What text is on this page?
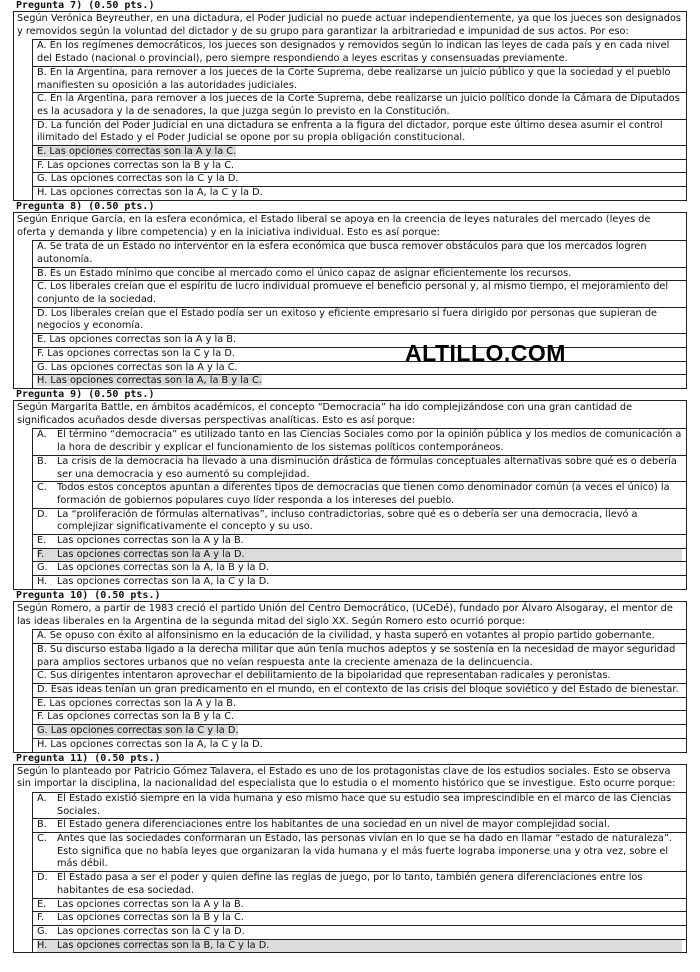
Pregunta 7) (0.50 pts.)
Según Verónica Beyreuther, en una dictadura, el Poder Judicial no puede actuar independientemente, ya que los jueces son designados y removidos según la voluntad del dictador y de su grupo para garantizar la arbitrariedad e impunidad de sus actos. Por eso:
A. En los regímenes democráticos, los jueces son designados y removidos según lo indican las leyes de cada país y en cada nivel del Estado (nacional o provincial), pero siempre respondiendo a leyes escritas y consensuadas previamente.
B. En la Argentina, para remover a los jueces de la Corte Suprema, debe realizarse un juicio público y que la sociedad y el pueblo manifiesten su oposición a las autoridades judiciales.
C. En la Argentina, para remover a los jueces de la Corte Suprema, debe realizarse un juicio político donde la Cámara de Diputados es la acusadora y la de senadores, la que juzga según lo previsto en la Constitución.
D. La función del Poder Judicial en una dictadura se enfrenta a la figura del dictador, porque este último desea asumir el control ilimitado del Estado y el Poder Judicial se opone por su propia obligación constitucional.
E. Las opciones correctas son la A y la C.
F. Las opciones correctas son la B y la C.
G. Las opciones correctas son la C y la D.
H. Las opciones correctas son la A, la C y la D.
Pregunta 8) (0.50 pts.)
Según Enrique García, en la esfera económica, el Estado liberal se apoya en la creencia de leyes naturales del mercado (leyes de oferta y demanda y libre competencia) y en la iniciativa individual. Esto es así porque:
A. Se trata de un Estado no interventor en la esfera económica que busca remover obstáculos para que los mercados logren autonomía.
B. Es un Estado mínimo que concibe al mercado como el único capaz de asignar eficientemente los recursos.
C. Los liberales creían que el espíritu de lucro individual promueve el beneficio personal y, al mismo tiempo, el mejoramiento del conjunto de la sociedad.
D. Los liberales creían que el Estado podía ser un exitoso y eficiente empresario si fuera dirigido por personas que supieran de negocios y economía.
E. Las opciones correctas son la A y la B.
F. Las opciones correctas son la C y la D.
G. Las opciones correctas son la A y la C.
H. Las opciones correctas son la A, la B y la C.
Pregunta 9) (0.50 pts.)
Según Margarita Battle, en ámbitos académicos, el concepto “Democracia” ha ido complejizándose con una gran cantidad de significados acuñados desde diversas perspectivas analíticas. Esto es así porque:
A.	El término “democracia” es utilizado tanto en las Ciencias Sociales como por la opinión pública y los medios de comunicación a la hora de describir y explicar el funcionamiento de los sistemas políticos contemporáneos.
B.	La crisis de la democracia ha llevado a una disminución drástica de fórmulas conceptuales alternativas sobre qué es o debería ser una democracia y eso aumentó su complejidad.
C.	Todos estos conceptos apuntan a diferentes tipos de democracias que tienen como denominador común (a veces el único) la formación de gobiernos populares cuyo líder responda a los intereses del pueblo.
D. La “proliferación de fórmulas alternativas”, incluso contradictorias, sobre qué es o debería ser una democracia, llevó a complejizar significativamente el concepto y su uso.
E.	Las opciones correctas son la A y la B.
F.	Las opciones correctas son la A y la D.
G. Las opciones correctas son la A, la B y la D.
H. Las opciones correctas son la A, la C y la D.
Pregunta 10) (0.50 pts.)
Según Romero, a partir de 1983 creció el partido Unión del Centro Democrático, (UCeDé), fundado por Álvaro Alsogaray, el mentor de las ideas liberales en la Argentina de la segunda mitad del siglo XX. Según Romero esto ocurrió porque:
A. Se opuso con éxito al alfonsinismo en la educación de la civilidad, y hasta superó en votantes al propio partido gobernante.
B. Su discurso estaba ligado a la derecha militar que aún tenía muchos adeptos y se sostenía en la necesidad de mayor seguridad para amplios sectores urbanos que no veían respuesta ante la creciente amenaza de la delincuencia.
C. Sus dirigentes intentaron aprovechar el debilitamiento de la bipolaridad que representaban radicales y peronistas.
D. Esas ideas tenían un gran predicamento en el mundo, en el contexto de las crisis del bloque soviético y del Estado de bienestar.
E. Las opciones correctas son la A y la B.
F. Las opciones correctas son la B y la C.
G. Las opciones correctas son la C y la D.
H. Las opciones correctas son la A, la C y la D.
Pregunta 11) (0.50 pts.)
Según lo planteado por Patricio Gómez Talavera, el Estado es uno de los protagonistas clave de los estudios sociales. Esto se observa sin importar la disciplina, la nacionalidad del especialista que lo estudia o el momento histórico que se investigue. Esto ocurre porque:
A.	El Estado existió siempre en la vida humana y eso mismo hace que su estudio sea imprescindible en el marco de las Ciencias Sociales.
B.	El Estado genera diferenciaciones entre los habitantes de una sociedad en un nivel de mayor complejidad social.
C.	Antes que las sociedades conformaran un Estado, las personas vivían en lo que se ha dado en llamar “estado de naturaleza”. Esto significa que no había leyes que organizaran la vida humana y el más fuerte lograba imponerse una y otra vez, sobre el más débil.
D. El Estado pasa a ser el poder y quien define las reglas de juego, por lo tanto, también genera diferenciaciones entre los habitantes de esa sociedad.
E.	Las opciones correctas son la A y la B.
F.	Las opciones correctas son la B y la C.
G. Las opciones correctas son la C y la D.
H. Las opciones correctas son la B, la C y la D.
ALTILLO.COM
